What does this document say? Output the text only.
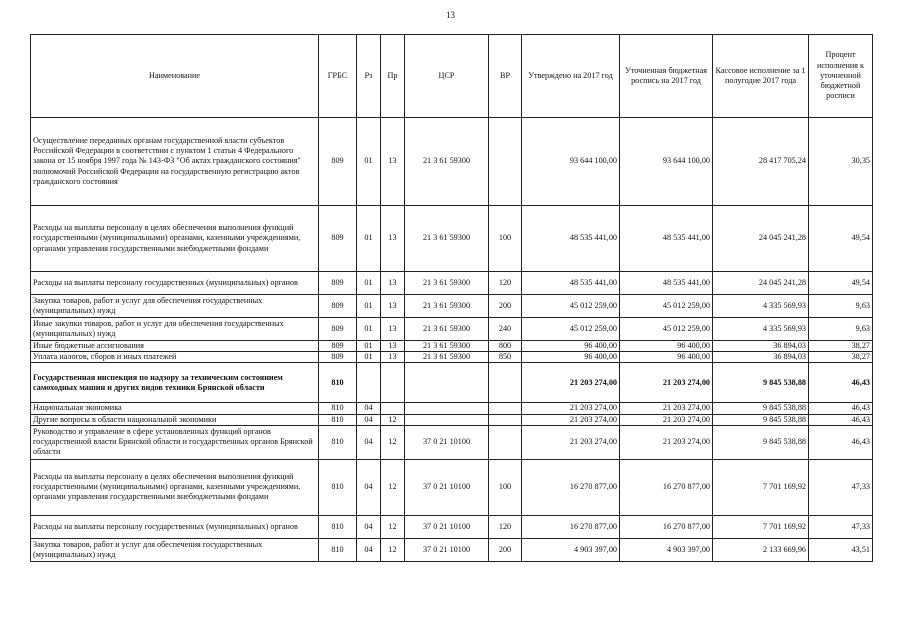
13
Наименование	ГРБС	Рз	Пр	ЦСР	ВР	Утверждено на 2017 год	Уточненная бюджетная роспись на 2017 год	Кассовое исполнение за 1 полугодие 2017 года	Процент исполнения к уточненной бюджетной росписи
Осуществление переданных органам государственной власти субъектов Российской Федерации в соответствии с пунктом 1 статьи 4 Федерального закона от 15 ноября 1997 года № 143-ФЗ "Об актах гражданского состояния" полномочий Российской Федерации на государственную регистрацию актов гражданского состояния	809	01	13	21 3 61 59300		93 644 100,00	93 644 100,00	28 417 705,24	30,35
Расходы на выплаты персоналу в целях обеспечения выполнения функций государственными (муниципальными) органами, казенными учреждениями, органами управления государственными внебюджетными фондами	809	01	13	21 3 61 59300	100	48 535 441,00	48 535 441,00	24 045 241,28	49,54
Расходы на выплаты персоналу государственных (муниципальных) органов	809	01	13	21 3 61 59300	120	48 535 441,00	48 535 441,00	24 045 241,28	49,54
Закупка товаров, работ и услуг для обеспечения государственных (муниципальных) нужд	809	01	13	21 3 61 59300	200	45 012 259,00	45 012 259,00	4 335 569,93	9,63
Иные закупки товаров, работ и услуг для обеспечения государственных (муниципальных) нужд	809	01	13	21 3 61 59300	240	45 012 259,00	45 012 259,00	4 335 569,93	9,63
Иные бюджетные ассигнования	809	01	13	21 3 61 59300	800	96 400,00	96 400,00	36 894,03	38,27
Уплата налогов, сборов и иных платежей	809	01	13	21 3 61 59300	850	96 400,00	96 400,00	36 894,03	38,27
Государственная инспекция по надзору за техническим состоянием самоходных машин и других видов техники Брянской области	810					21 203 274,00	21 203 274,00	9 845 538,88	46,43
Национальная экономика	810	04				21 203 274,00	21 203 274,00	9 845 538,88	46,43
Другие вопросы в области национальной экономики	810	04	12			21 203 274,00	21 203 274,00	9 845 538,88	46,43
Руководство и управление в сфере установленных функций органов государственной власти Брянской области и государственных органов Брянской области	810	04	12	37 0 21 10100		21 203 274,00	21 203 274,00	9 845 538,88	46,43
Расходы на выплаты персоналу в целях обеспечения выполнения функций государственными (муниципальными) органами, казенными учреждениями, органами управления государственными внебюджетными фондами	810	04	12	37 0 21 10100	100	16 270 877,00	16 270 877,00	7 701 169,92	47,33
Расходы на выплаты персоналу государственных (муниципальных) органов	810	04	12	37 0 21 10100	120	16 270 877,00	16 270 877,00	7 701 169,92	47,33
Закупка товаров, работ и услуг для обеспечения государственных (муниципальных) нужд	810	04	12	37 0 21 10100	200	4 903 397,00	4 903 397,00	2 133 669,96	43,51
